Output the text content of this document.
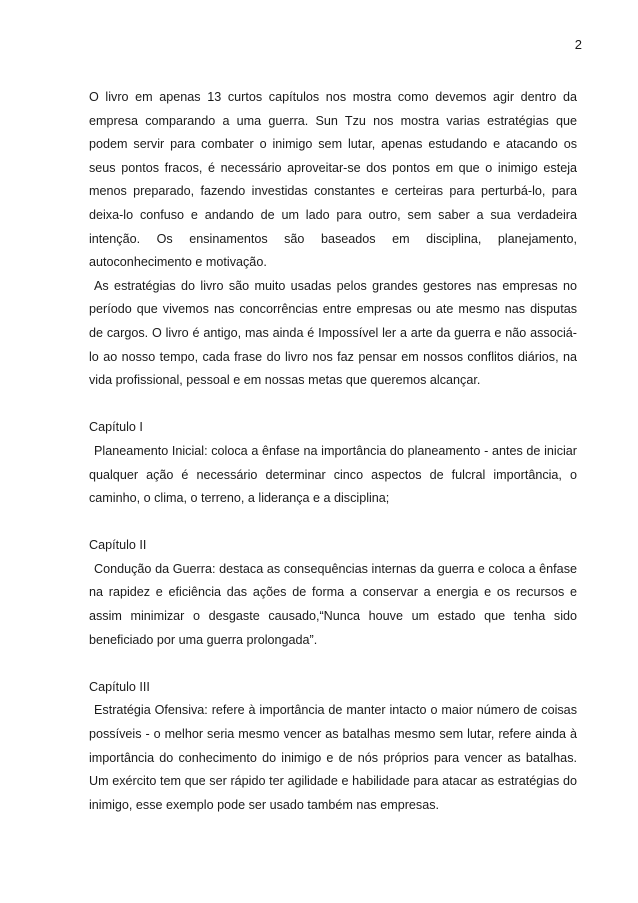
2

O livro em apenas 13 curtos capítulos nos mostra como devemos agir dentro da empresa comparando a uma guerra. Sun Tzu nos mostra varias estratégias que podem servir para combater o inimigo sem lutar, apenas estudando e atacando os seus pontos fracos, é necessário aproveitar-se dos pontos em que o inimigo esteja menos preparado, fazendo investidas constantes e certeiras para perturbá-lo, para deixa-lo confuso e andando de um lado para outro, sem saber a sua verdadeira intenção. Os ensinamentos são baseados em disciplina, planejamento, autoconhecimento e motivação.

As estratégias do livro são muito usadas pelos grandes gestores nas empresas no período que vivemos nas concorrências entre empresas ou ate mesmo nas disputas de cargos. O livro é antigo, mas ainda é Impossível ler a arte da guerra e não associá-lo ao nosso tempo, cada frase do livro nos faz pensar em nossos conflitos diários, na vida profissional, pessoal e em nossas metas que queremos alcançar.

Capítulo I

Planeamento Inicial: coloca a ênfase na importância do planeamento - antes de iniciar qualquer ação é necessário determinar cinco aspectos de fulcral importância, o caminho, o clima, o terreno, a liderança e a disciplina;

Capítulo II

Condução da Guerra: destaca as consequências internas da guerra e coloca a ênfase na rapidez e eficiência das ações de forma a conservar a energia e os recursos e assim minimizar o desgaste causado,“Nunca houve um estado que tenha sido beneficiado por uma guerra prolongada”.

Capítulo III

Estratégia Ofensiva: refere à importância de manter intacto o maior número de coisas possíveis - o melhor seria mesmo vencer as batalhas mesmo sem lutar, refere ainda à importância do conhecimento do inimigo e de nós próprios para vencer as batalhas. Um exército tem que ser rápido ter agilidade e habilidade para atacar as estratégias do inimigo, esse exemplo pode ser usado também nas empresas.
